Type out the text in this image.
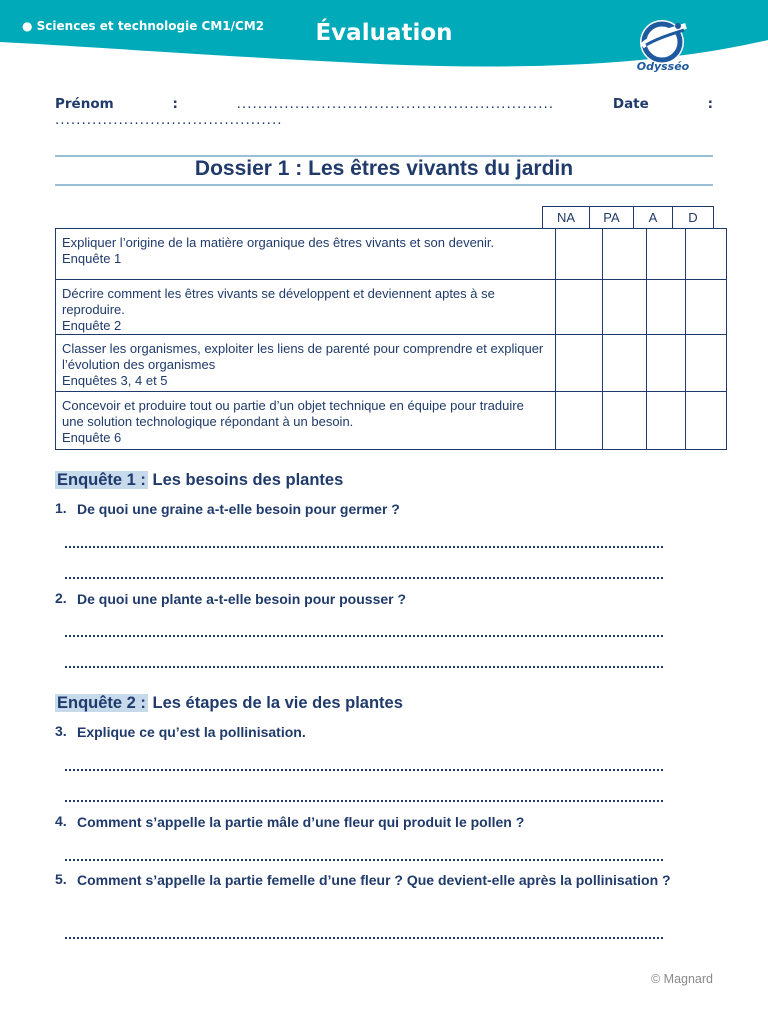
● Sciences et technologie CM1/CM2	Évaluation
Odysséo
Prénom	:	............................................................	Date	:
...........................................
Dossier 1 : Les êtres vivants du jardin
NA	PA	A	D
Expliquer l’origine de la matière organique des êtres vivants et son devenir.
Enquête 1				

Décrire comment les êtres vivants se développent et deviennent aptes à se reproduire.
Enquête 2				

Classer les organismes, exploiter les liens de parenté pour comprendre et expliquer l’évolution des organismes
Enquêtes 3, 4 et 5				

Concevoir et produire tout ou partie d’un objet technique en équipe pour traduire une solution technologique répondant à un besoin.
Enquête 6				

Enquête 1 : Les besoins des plantes
1. De quoi une graine a-t-elle besoin pour germer ?
2. De quoi une plante a-t-elle besoin pour pousser ?
Enquête 2 : Les étapes de la vie des plantes
3. Explique ce qu’est la pollinisation.
4. Comment s’appelle la partie mâle d’une fleur qui produit le pollen ?
5. Comment s’appelle la partie femelle d’une fleur ? Que devient-elle après la pollinisation ?
© Magnard
